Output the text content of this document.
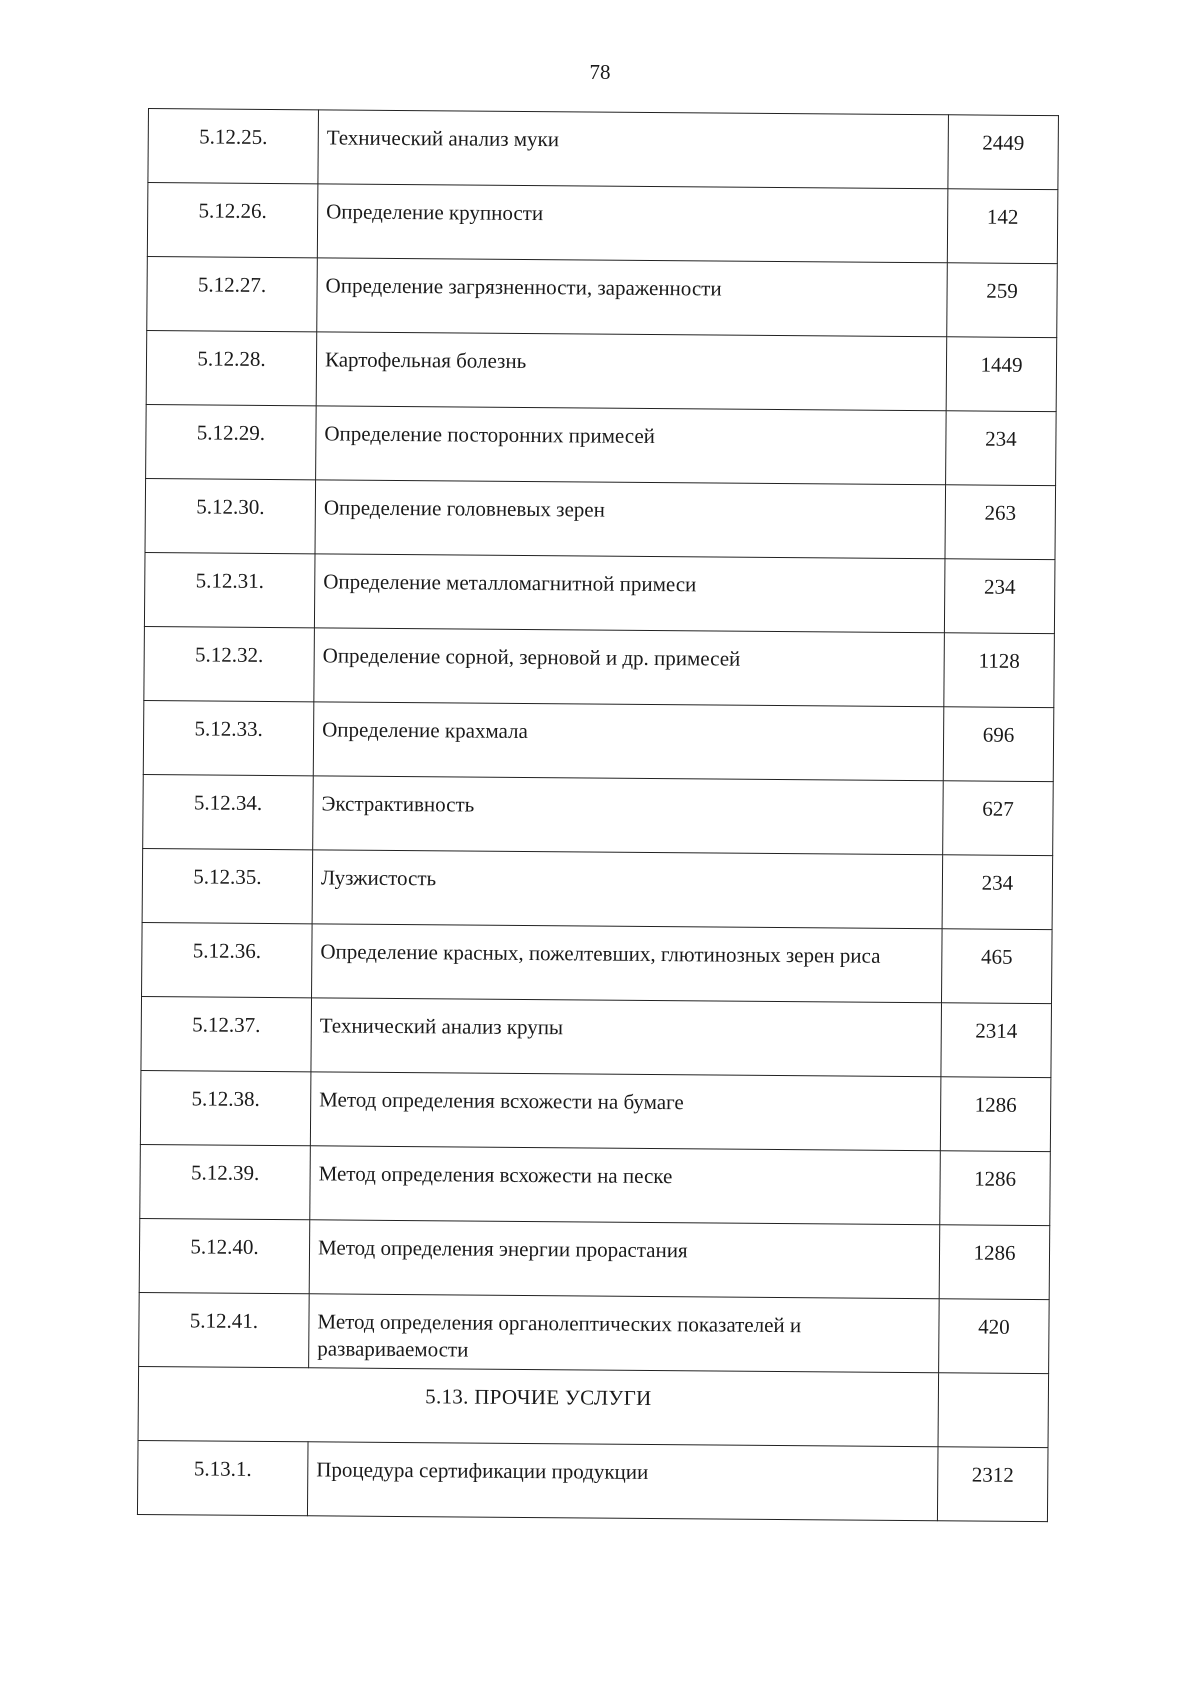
78
5.12.25.	Технический анализ муки	2449
5.12.26.	Определение крупности	142
5.12.27.	Определение загрязненности, зараженности	259
5.12.28.	Картофельная болезнь	1449
5.12.29.	Определение посторонних примесей	234
5.12.30.	Определение головневых зерен	263
5.12.31.	Определение металломагнитной примеси	234
5.12.32.	Определение сорной, зерновой и др. примесей	1128
5.12.33.	Определение крахмала	696
5.12.34.	Экстрактивность	627
5.12.35.	Лузжистость	234
5.12.36.	Определение красных, пожелтевших, глютинозных зерен риса	465
5.12.37.	Технический анализ крупы	2314
5.12.38.	Метод определения всхожести на бумаге	1286
5.12.39.	Метод определения всхожести на песке	1286
5.12.40.	Метод определения энергии прорастания	1286
5.12.41.	Метод определения органолептических показателей и развариваемости	420
5.13. ПРОЧИЕ УСЛУГИ		
5.13.1.	Процедура сертификации продукции	2312
